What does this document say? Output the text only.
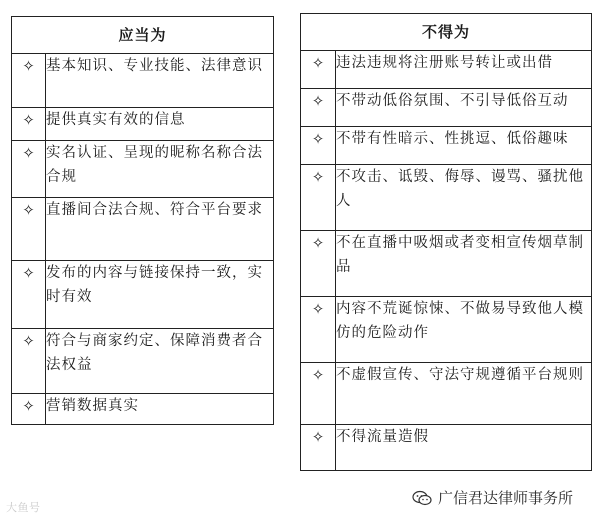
应当为	
✧	基本知识、专业技能、法律意识
✧	提供真实有效的信息
✧	实名认证、呈现的昵称名称合法合规
✧	直播间合法合规、符合平台要求
✧	发布的内容与链接保持一致，实时有效
✧	符合与商家约定、保障消费者合法权益
✧	营销数据真实
不得为	
✧	违法违规将注册账号转让或出借
✧	不带动低俗氛围、不引导低俗互动
✧	不带有性暗示、性挑逗、低俗趣味
✧	不攻击、诋毁、侮辱、谩骂、骚扰他人
✧	不在直播中吸烟或者变相宣传烟草制品
✧	内容不荒诞惊悚、不做易导致他人模仿的危险动作
✧	不虚假宣传、守法守规遵循平台规则
✧	不得流量造假
大鱼号
广信君达律师事务所
